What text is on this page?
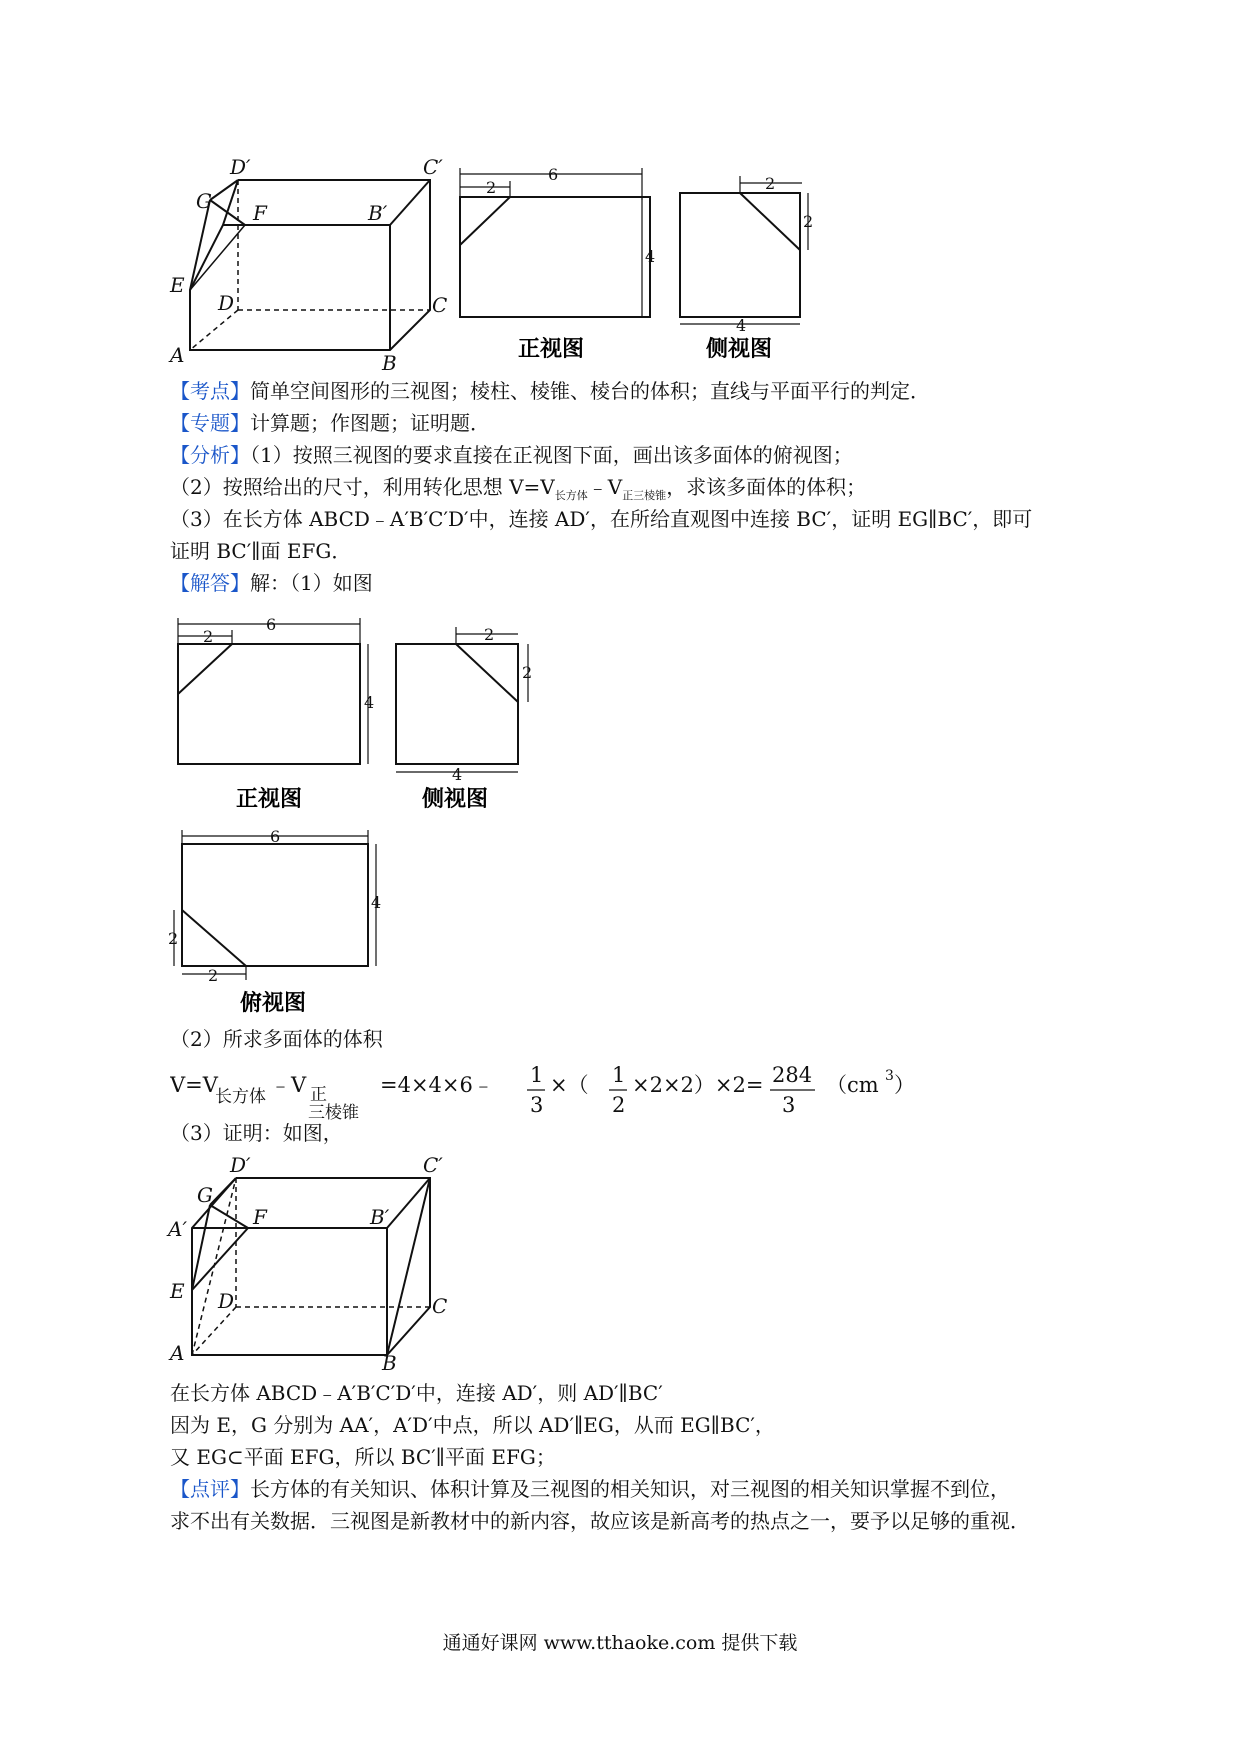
D′	C′
G F	B′
E
D	C
A	B
6
2
4
正视图
2
2
4
侧视图
【考点】简单空间图形的三视图；棱柱、棱锥、棱台的体积；直线与平面平行的判定．
【专题】计算题；作图题；证明题．
【分析】（1）按照三视图的要求直接在正视图下面，画出该多面体的俯视图；
（2）按照给出的尺寸，利用转化思想 $V=V_{长方体}﹣V_{正三棱锥}$，求该多面体的体积；
（3）在长方体 ABCD﹣A′B′C′D′中，连接 AD′，在所给直观图中连接 BC′，证明 EG∥BC′，即可
证明 BC′∥面 EFG．
【解答】解：（1）如图
6
2
4
正视图
2
2
4
侧视图
6
4
2
2
俯视图
（2）所求多面体的体积
V=V
长方体 ﹣V 正
三棱锥
=4×4×6﹣ 1
3
×（ 1
2
×2×2）×2= 284
3
（cm 3 ）
（3）证明：如图，
D′	C′
G
A′	F	B′
E D	C
A	B
在长方体 ABCD﹣A′B′C′D′中，连接 AD′，则 AD′∥BC′
因为 E，G 分别为 AA′，A′D′中点，所以 AD′∥EG，从而 EG∥BC′，
又 EG⊂平面 EFG，所以 BC′∥平面 EFG；
【点评】长方体的有关知识、体积计算及三视图的相关知识，对三视图的相关知识掌握不到位，
求不出有关数据．三视图是新教材中的新内容，故应该是新高考的热点之一，要予以足够的重视．
通通好课网 www.tthaoke.com 提供下载
